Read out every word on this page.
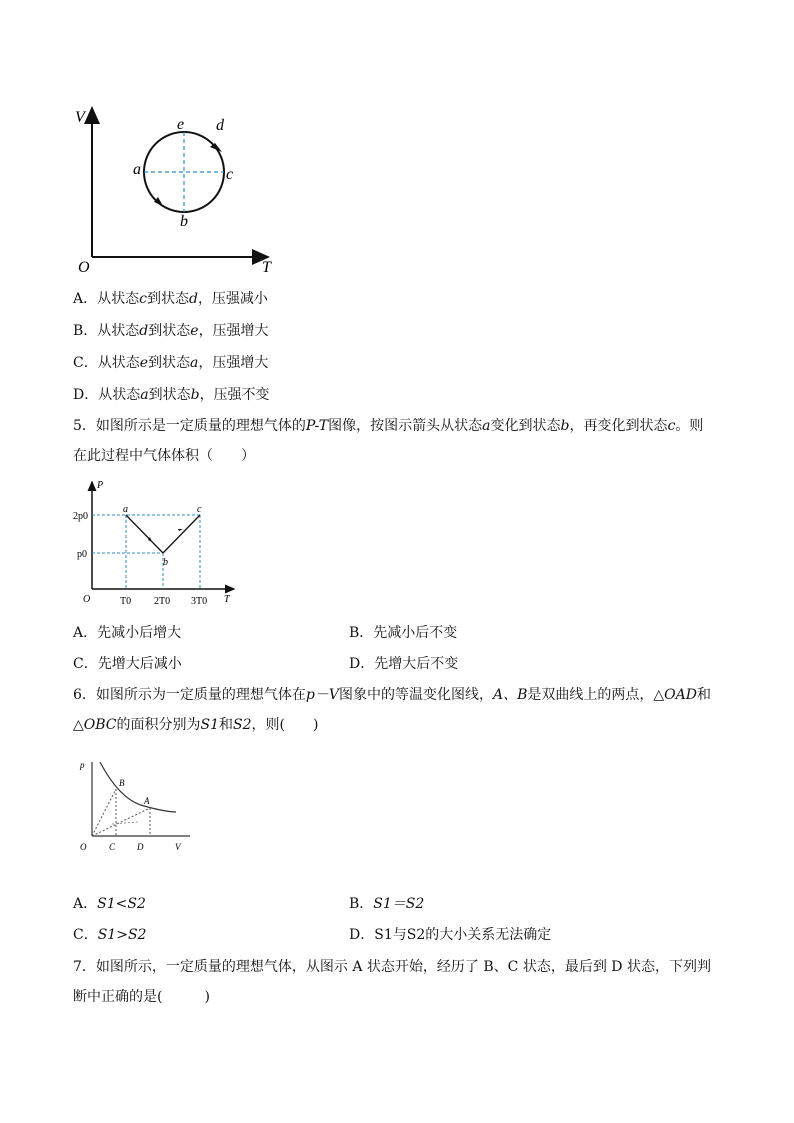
V
T
O
a
b
c
d
e
A．从状态c到状态d，压强减小
B．从状态d到状态e，压强增大
C．从状态e到状态a，压强增大
D．从状态a到状态b，压强不变
5．如图所示是一定质量的理想气体的P-T图像，按图示箭头从状态a变化到状态b，再变化到状态c。则
在此过程中气体体积（　　）
P
T
O
2p0
p0
T0 2T0 3T0
a
b
c
A．先减小后增大	B．先减小后不变
C．先增大后减小	D．先增大后不变
6．如图所示为一定质量的理想气体在p－V图象中的等温变化图线，A、B是双曲线上的两点，△OAD和
△OBC的面积分别为S1和S2，则(　　)
p
V
O
B
A
C D
A．S1<S2	B．S1＝S2
C．S1>S2	D．S1与S2的大小关系无法确定
7．如图所示，一定质量的理想气体，从图示 A 状态开始，经历了 B、C 状态，最后到 D 状态，下列判
断中正确的是(　　　)
